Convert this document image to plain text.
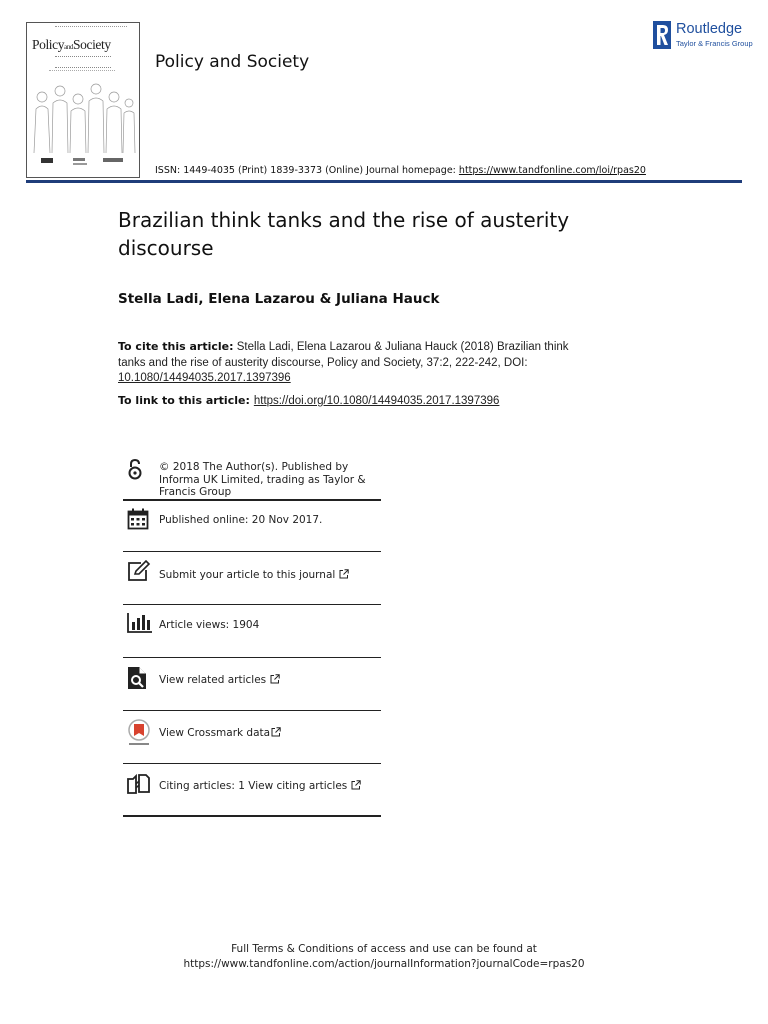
PolicyandSociety
Policy and Society
Routledge
Taylor & Francis Group
ISSN: 1449-4035 (Print) 1839-3373 (Online) Journal homepage: https://www.tandfonline.com/loi/rpas20
Brazilian think tanks and the rise of austerity discourse
Stella Ladi, Elena Lazarou & Juliana Hauck
To cite this article: Stella Ladi, Elena Lazarou & Juliana Hauck (2018) Brazilian think tanks and the rise of austerity discourse, Policy and Society, 37:2, 222-242, DOI: 10.1080/14494035.2017.1397396
To link to this article: https://doi.org/10.1080/14494035.2017.1397396
© 2018 The Author(s). Published by Informa UK Limited, trading as Taylor & Francis Group
Published online: 20 Nov 2017.
Submit your article to this journal
Article views: 1904
View related articles
View Crossmark data
Citing articles: 1 View citing articles
Full Terms & Conditions of access and use can be found at
https://www.tandfonline.com/action/journalInformation?journalCode=rpas20
